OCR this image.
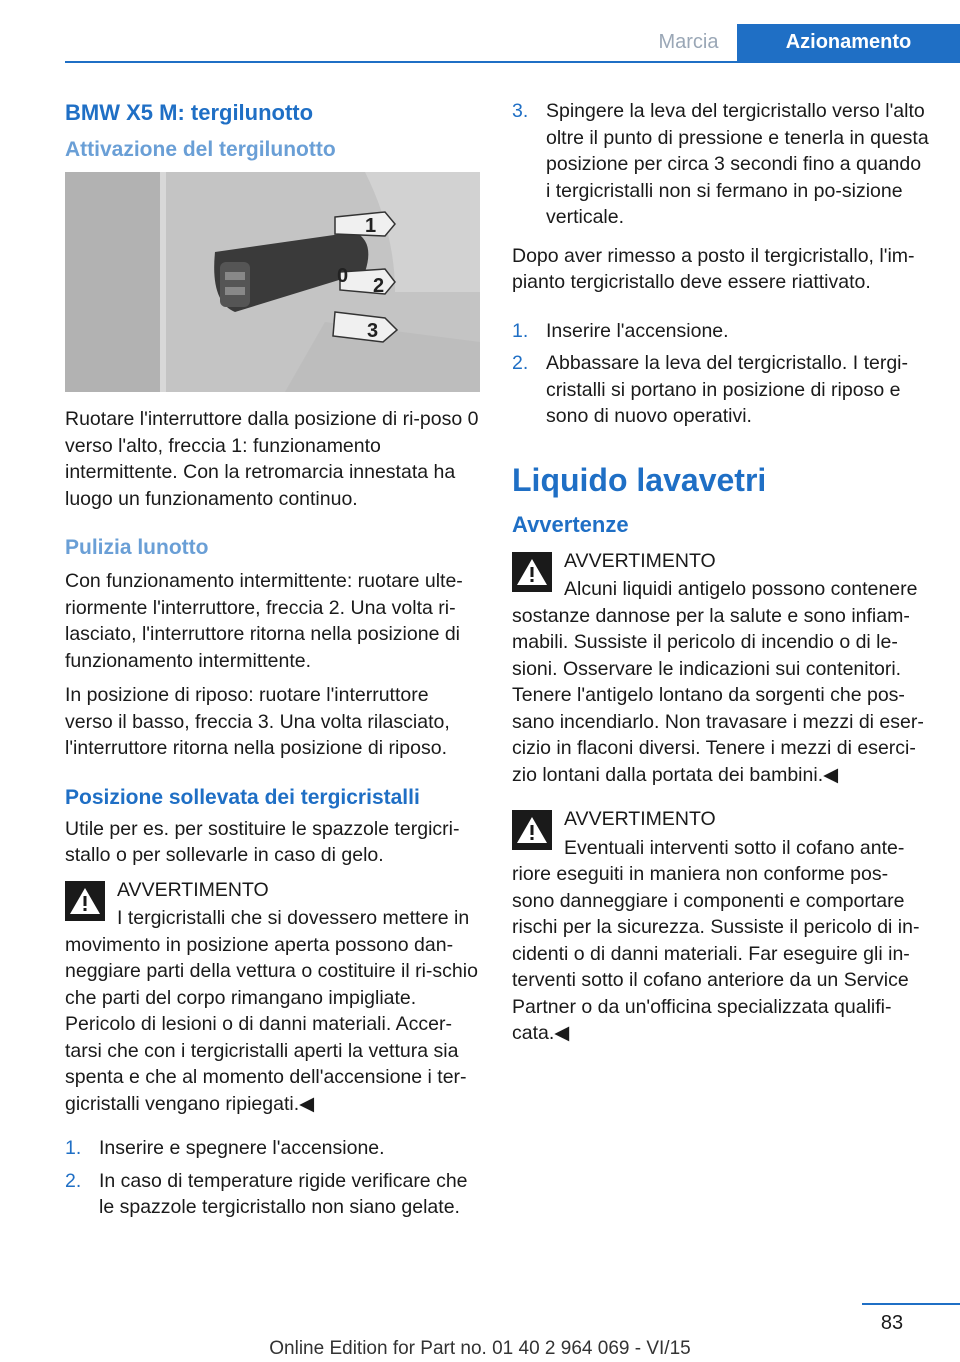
Marcia	Azionamento
BMW X5 M: tergilunotto
Attivazione del tergilunotto
1
0 2
3

Ruotare l'interruttore dalla posizione di ri-poso 0 verso l'alto, freccia 1: funzionamento intermittente. Con la retromarcia innestata ha luogo un funzionamento continuo.

Pulizia lunotto

Con funzionamento intermittente: ruotare ulte-riormente l'interruttore, freccia 2. Una volta ri-lasciato, l'interruttore ritorna nella posizione di funzionamento intermittente.

In posizione di riposo: ruotare l'interruttore verso il basso, freccia 3. Una volta rilasciato, l'interruttore ritorna nella posizione di riposo.

Posizione sollevata dei tergicristalli

Utile per es. per sostituire le spazzole tergicri-stallo o per sollevarle in caso di gelo.

AVVERTIMENTO
I tergicristalli che si dovessero mettere in movimento in posizione aperta possono dan-neggiare parti della vettura o costituire il ri-schio che parti del corpo rimangano impigliate. Pericolo di lesioni o di danni materiali. Accer-tarsi che con i tergicristalli aperti la vettura sia spenta e che al momento dell'accensione i ter-gicristalli vengano ripiegati.◀
1. Inserire e spegnere l'accensione.
2. In caso di temperature rigide verificare che le spazzole tergicristallo non siano gelate.
3. Spingere la leva del tergicristallo verso l'alto oltre il punto di pressione e tenerla in questa posizione per circa 3 secondi fino a quando i tergicristalli non si fermano in po-sizione verticale.

Dopo aver rimesso a posto il tergicristallo, l'im-pianto tergicristallo deve essere riattivato.

1. Inserire l'accensione.
2. Abbassare la leva del tergicristallo. I tergi-cristalli si portano in posizione di riposo e sono di nuovo operativi.
Liquido lavavetri
Avvertenze
AVVERTIMENTO
Alcuni liquidi antigelo possono contenere sostanze dannose per la salute e sono infiam-mabili. Sussiste il pericolo di incendio o di le-sioni. Osservare le indicazioni sui contenitori. Tenere l'antigelo lontano da sorgenti che pos-sano incendiarlo. Non travasare i mezzi di eser-cizio in flaconi diversi. Tenere i mezzi di eserci-zio lontani dalla portata dei bambini.◀
AVVERTIMENTO
Eventuali interventi sotto il cofano ante-riore eseguiti in maniera non conforme pos-sono danneggiare i componenti e comportare rischi per la sicurezza. Sussiste il pericolo di in-cidenti o di danni materiali. Far eseguire gli in-terventi sotto il cofano anteriore da un Service Partner o da un'officina specializzata qualifi-cata.◀
83
Online Edition for Part no. 01 40 2 964 069 - VI/15
